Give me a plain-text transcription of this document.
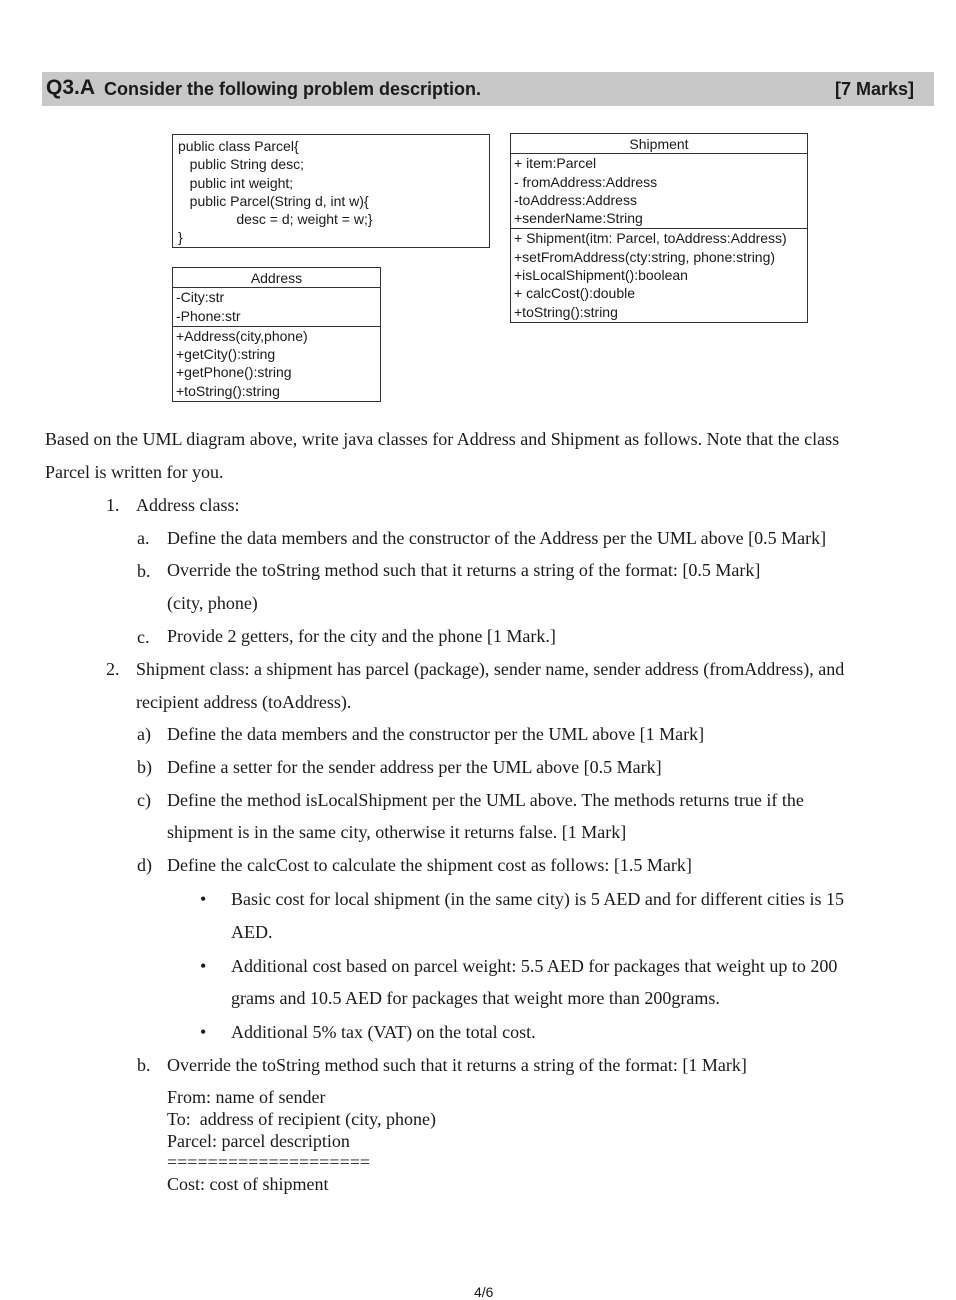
Q3.A Consider the following problem description.	[7 Marks]
public class Parcel{
public String desc;
public int weight;
public Parcel(String d, int w){
desc = d; weight = w;}
}
Address
-City:str
-Phone:str
+Address(city,phone)
+getCity():string
+getPhone():string
+toString():string
Shipment
+ item:Parcel
- fromAddress:Address
-toAddress:Address
+senderName:String
+ Shipment(itm: Parcel, toAddress:Address)
+setFromAddress(cty:string, phone:string)
+isLocalShipment():boolean
+ calcCost():double
+toString():string
Based on the UML diagram above, write java classes for Address and Shipment as follows. Note that the class
Parcel is written for you.
1. Address class:
a. Define the data members and the constructor of the Address per the UML above [0.5 Mark]
b. Override the toString method such that it returns a string of the format: [0.5 Mark]
(city, phone)
c. Provide 2 getters, for the city and the phone [1 Mark.]
2. Shipment class: a shipment has parcel (package), sender name, sender address (fromAddress), and
recipient address (toAddress).
a) Define the data members and the constructor per the UML above [1 Mark]
b) Define a setter for the sender address per the UML above [0.5 Mark]
c) Define the method isLocalShipment per the UML above. The methods returns true if the
shipment is in the same city, otherwise it returns false. [1 Mark]
d) Define the calcCost to calculate the shipment cost as follows: [1.5 Mark]
• Basic cost for local shipment (in the same city) is 5 AED and for different cities is 15
AED.
• Additional cost based on parcel weight: 5.5 AED for packages that weight up to 200
grams and 10.5 AED for packages that weight more than 200grams.
• Additional 5% tax (VAT) on the total cost.
b. Override the toString method such that it returns a string of the format: [1 Mark]
From: name of sender
To:  address of recipient (city, phone)
Parcel: parcel description
====================
Cost: cost of shipment
4/6
